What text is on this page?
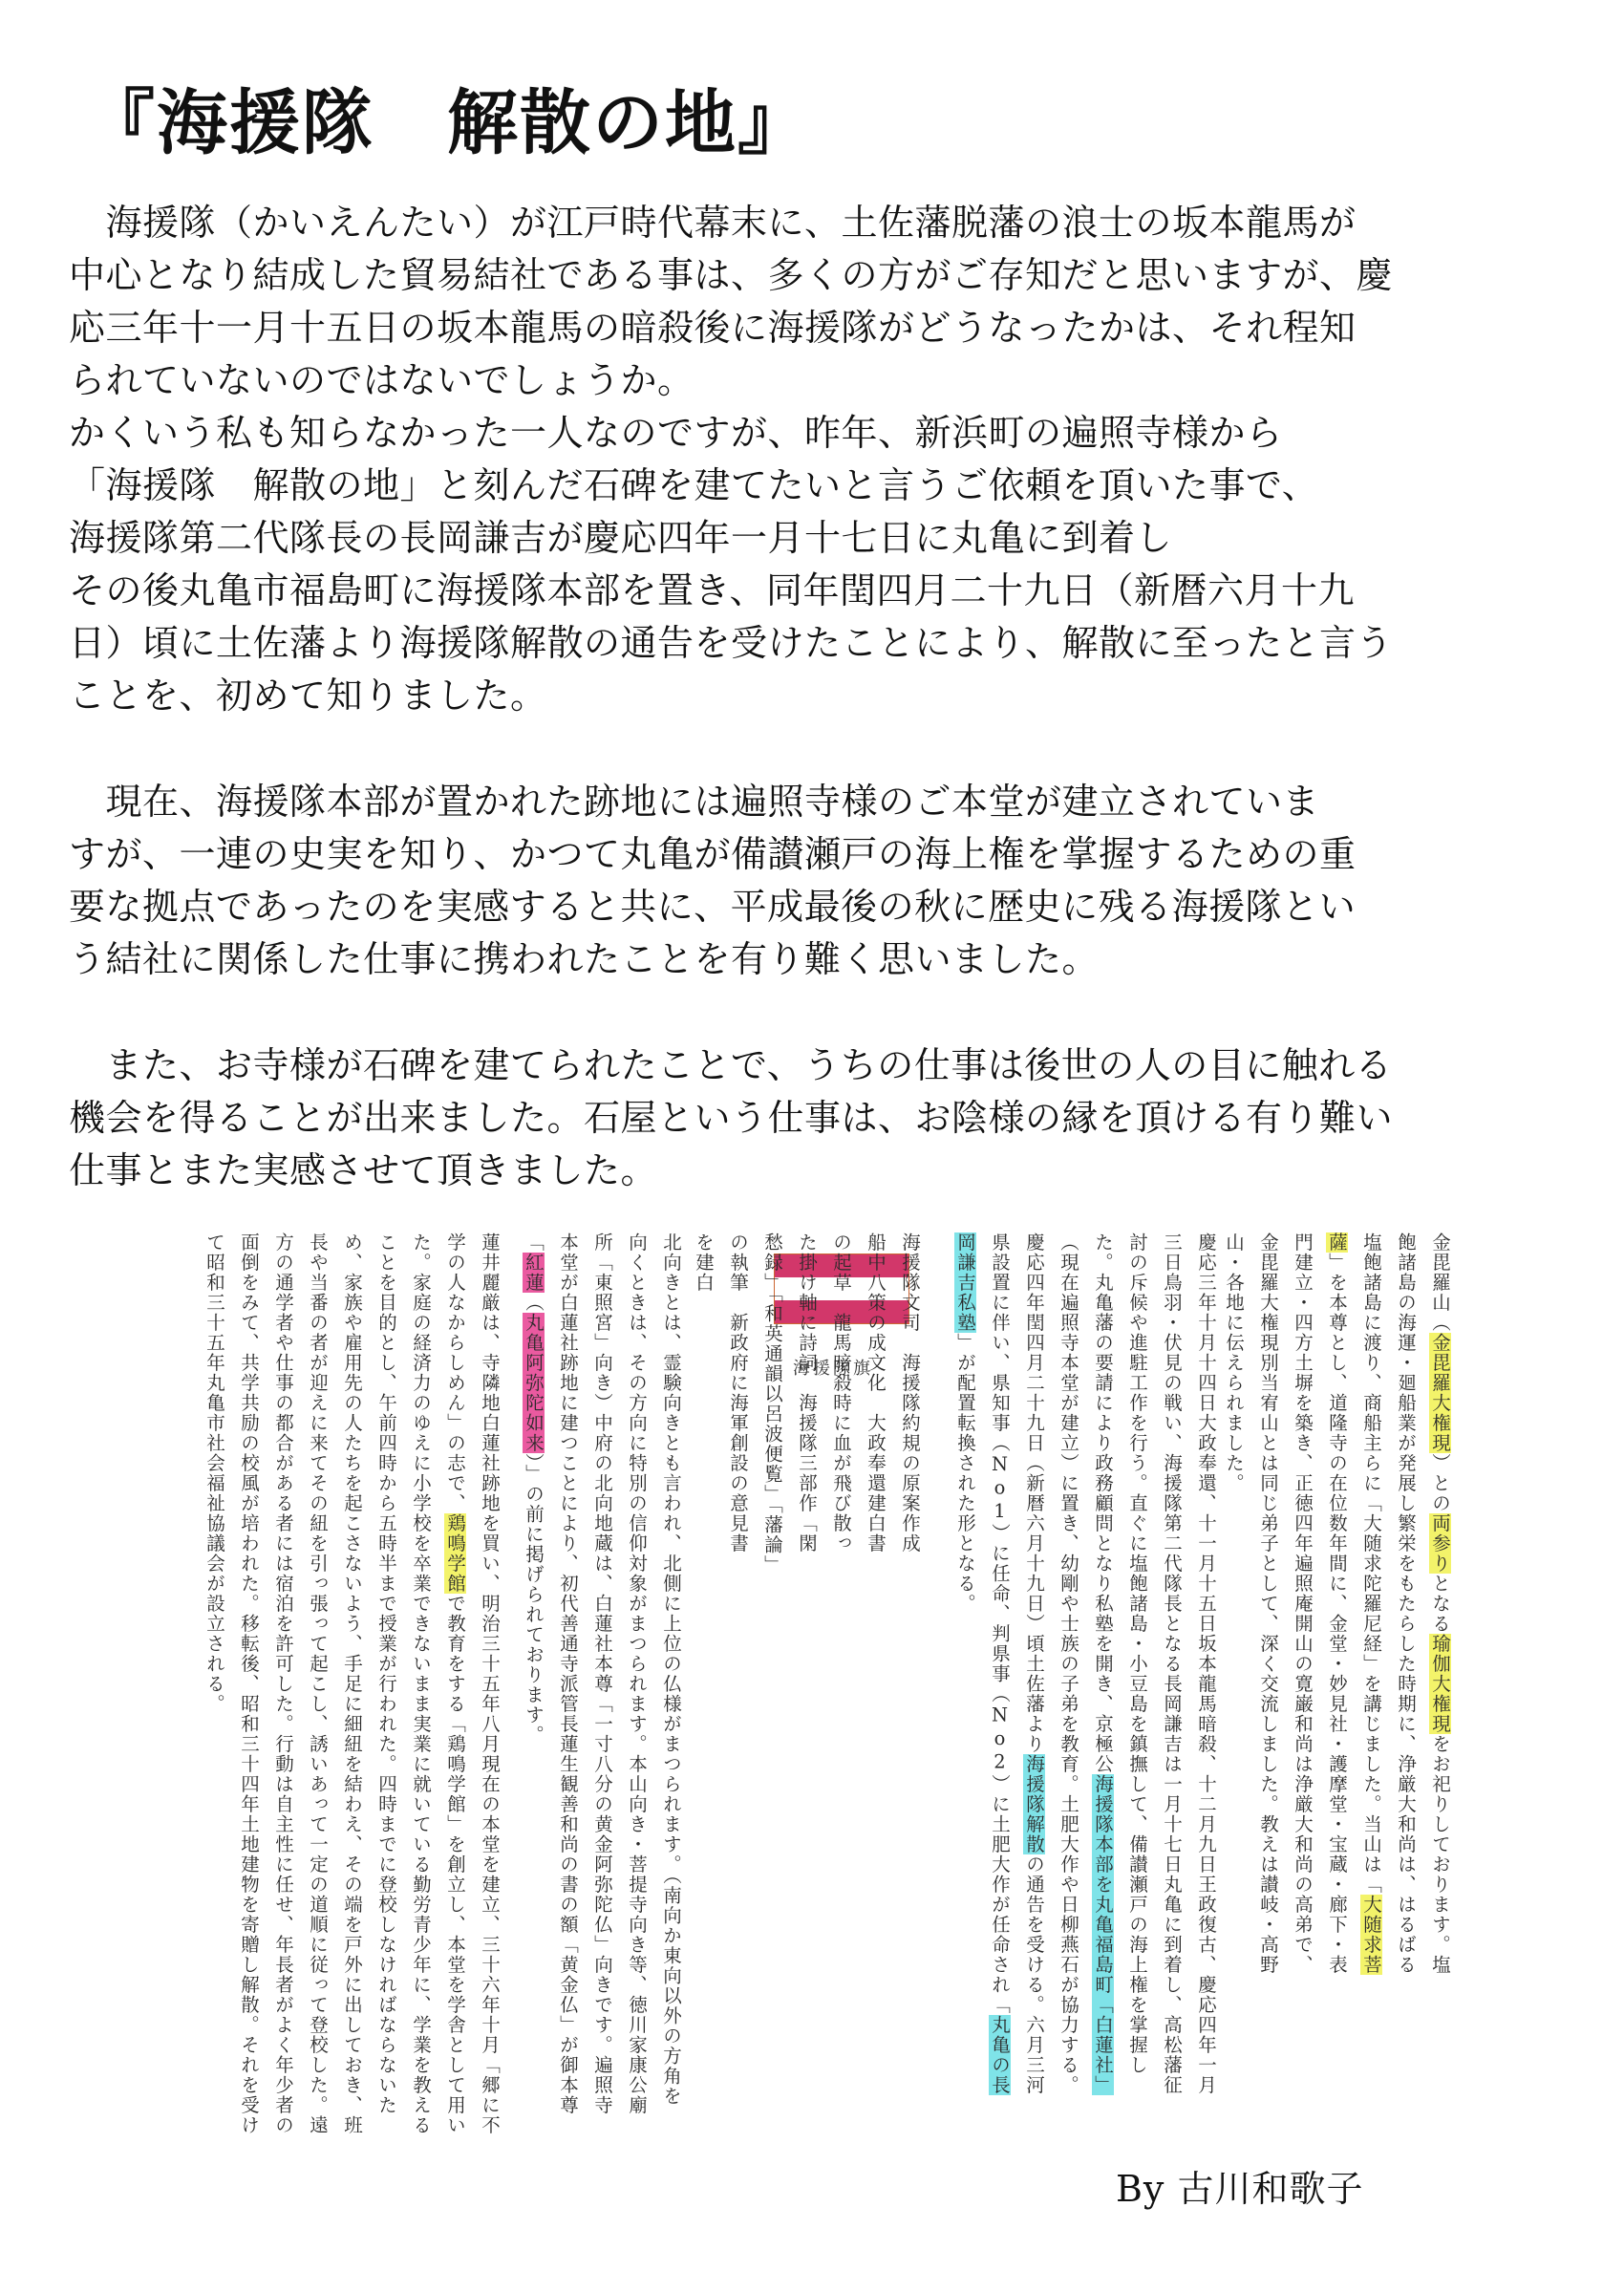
『海援隊　解散の地』
　海援隊（かいえんたい）が江戸時代幕末に、土佐藩脱藩の浪士の坂本龍馬が
中心となり結成した貿易結社である事は、多くの方がご存知だと思いますが、慶
応三年十一月十五日の坂本龍馬の暗殺後に海援隊がどうなったかは、それ程知
られていないのではないでしょうか。
かくいう私も知らなかった一人なのですが、昨年、新浜町の遍照寺様から
「海援隊　解散の地」と刻んだ石碑を建てたいと言うご依頼を頂いた事で、
海援隊第二代隊長の長岡謙吉が慶応四年一月十七日に丸亀に到着し
その後丸亀市福島町に海援隊本部を置き、同年閏四月二十九日（新暦六月十九
日）頃に土佐藩より海援隊解散の通告を受けたことにより、解散に至ったと言う
ことを、初めて知りました。
　現在、海援隊本部が置かれた跡地には遍照寺様のご本堂が建立されていま
すが、一連の史実を知り、かつて丸亀が備讃瀬戸の海上権を掌握するための重
要な拠点であったのを実感すると共に、平成最後の秋に歴史に残る海援隊とい
う結社に関係した仕事に携われたことを有り難く思いました。
　また、お寺様が石碑を建てられたことで、うちの仕事は後世の人の目に触れる
機会を得ることが出来ました。石屋という仕事は、お陰様の縁を頂ける有り難い
仕事とまた実感させて頂きました。
金毘羅山（金毘羅大権現）との両参りとなる瑜伽大権現をお祀りしております。塩飽諸島の海運・廻船業が発展し繁栄をもたらした時期に、浄厳大和尚は、はるばる塩飽諸島に渡り、商船主らに「大随求陀羅尼経」を講じました。当山は「大随求菩薩」を本尊とし、道隆寺の在位数年間に、金堂・妙見社・護摩堂・宝蔵・廊下・表門建立・四方土塀を築き、正徳四年遍照庵開山の寛巌和尚は浄厳大和尚の高弟で、金毘羅大権現別当宥山とは同じ弟子として、深く交流しました。教えは讃岐・高野山・各地に伝えられました。
慶応三年十月十四日大政奉還、十一月十五日坂本龍馬暗殺、十二月九日王政復古、慶応四年一月三日鳥羽・伏見の戦い、海援隊第二代隊長となる長岡謙吉は一月十七日丸亀に到着し、高松藩征討の斥候や進駐工作を行う。直ぐに塩飽諸島・小豆島を鎮撫して、備讃瀬戸の海上権を掌握した。丸亀藩の要請により政務顧問となり私塾を開き、京極公海援隊本部を丸亀福島町「白蓮社」（現在遍照寺本堂が建立）に置き、幼剛や士族の子弟を教育。土肥大作や日柳燕石が協力する。慶応四年閏四月二十九日（新暦六月十九日）頃土佐藩より海援隊解散の通告を受ける。六月三河県設置に伴い、県知事（No1）に任命、判県事（No2）に土肥大作が任命され「丸亀の長岡謙吉私塾」が配置転換された形となる。
海援隊旗	海援隊文司　海援隊約規の原案作成　船中八策の成文化　大政奉還建白書の起草　龍馬暗殺時に血が飛び散った掛け軸に詩詞　海援隊三部作「閑愁録」「和英通韻以呂波便覧」「藩論」の執筆　新政府に海軍創設の意見書を建白
北向きとは、霊験向きとも言われ、北側に上位の仏様がまつられます。（南向か東向以外の方角を向くときは、その方向に特別の信仰対象がまつられます。本山向き・菩提寺向き等、徳川家康公廟所「東照宮」向き）中府の北向地蔵は、白蓮社本尊「一寸八分の黄金阿弥陀仏」向きです。遍照寺本堂が白蓮社跡地に建つことにより、初代善通寺派管長蓮生観善和尚の書の額「黄金仏」が御本尊「紅蓮（丸亀阿弥陀如来）」の前に掲げられております。
蓮井麗厳は、寺隣地白蓮社跡地を買い、明治三十五年八月現在の本堂を建立、三十六年十月「郷に不学の人なからしめん」の志で、鶏鳴学館で教育をする「鶏鳴学館」を創立し、本堂を学舎として用いた。家庭の経済力のゆえに小学校を卒業できないまま実業に就いている勤労青少年に、学業を教えることを目的とし、午前四時から五時半まで授業が行われた。四時までに登校しなければならないため、家族や雇用先の人たちを起こさないよう、手足に細紐を結わえ、その端を戸外に出しておき、班長や当番の者が迎えに来てその紐を引っ張って起こし、誘いあって一定の道順に従って登校した。遠方の通学者や仕事の都合がある者には宿泊を許可した。行動は自主性に任せ、年長者がよく年少者の面倒をみて、共学共励の校風が培われた。移転後、昭和三十四年土地建物を寄贈し解散。それを受けて昭和三十五年丸亀市社会福祉協議会が設立される。
By 古川和歌子
